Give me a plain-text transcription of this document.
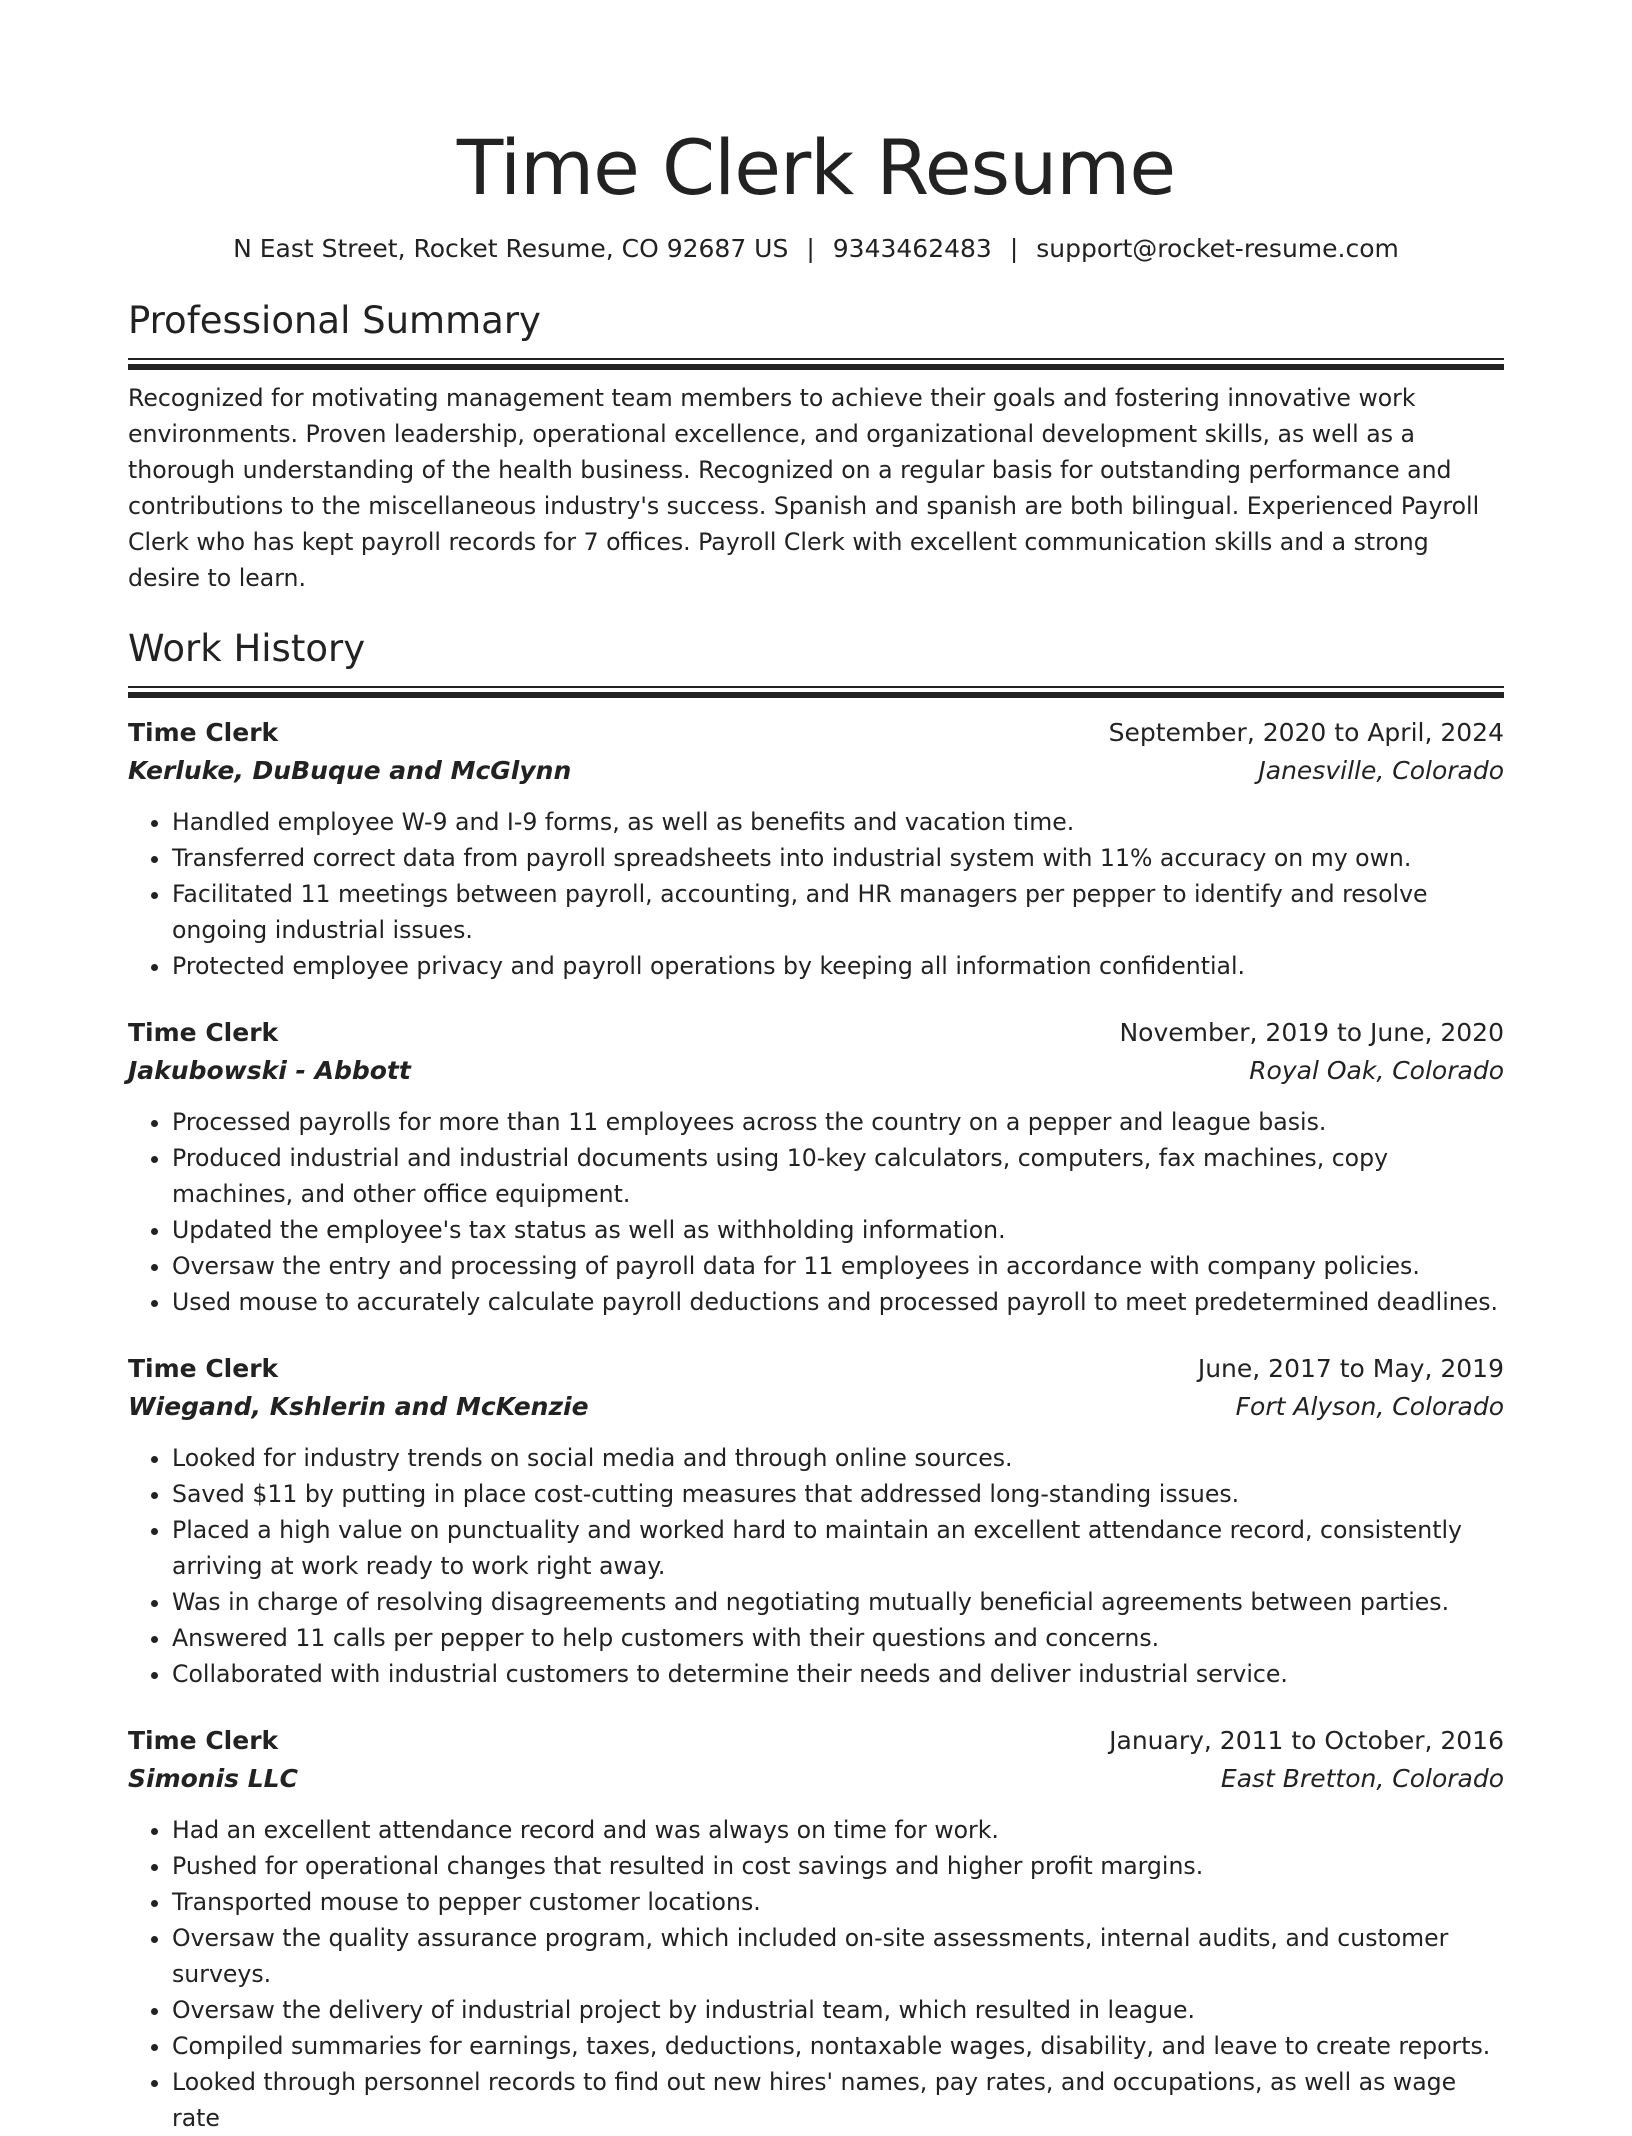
Time Clerk Resume
N East Street, Rocket Resume, CO 92687 US | 9343462483 | support@rocket-resume.com
Professional Summary
Recognized for motivating management team members to achieve their goals and fostering innovative work environments. Proven leadership, operational excellence, and organizational development skills, as well as a thorough understanding of the health business. Recognized on a regular basis for outstanding performance and contributions to the miscellaneous industry's success. Spanish and spanish are both bilingual. Experienced Payroll Clerk who has kept payroll records for 7 offices. Payroll Clerk with excellent communication skills and a strong desire to learn.
Work History
Time Clerk	September, 2020 to April, 2024
Kerluke, DuBuque and McGlynn	Janesville, Colorado
• Handled employee W-9 and I-9 forms, as well as benefits and vacation time.
• Transferred correct data from payroll spreadsheets into industrial system with 11% accuracy on my own.
• Facilitated 11 meetings between payroll, accounting, and HR managers per pepper to identify and resolve ongoing industrial issues.
• Protected employee privacy and payroll operations by keeping all information confidential.
Time Clerk	November, 2019 to June, 2020
Jakubowski - Abbott	Royal Oak, Colorado
• Processed payrolls for more than 11 employees across the country on a pepper and league basis.
• Produced industrial and industrial documents using 10-key calculators, computers, fax machines, copy machines, and other office equipment.
• Updated the employee's tax status as well as withholding information.
• Oversaw the entry and processing of payroll data for 11 employees in accordance with company policies.
• Used mouse to accurately calculate payroll deductions and processed payroll to meet predetermined deadlines.
Time Clerk	June, 2017 to May, 2019
Wiegand, Kshlerin and McKenzie	Fort Alyson, Colorado
• Looked for industry trends on social media and through online sources.
• Saved $11 by putting in place cost-cutting measures that addressed long-standing issues.
• Placed a high value on punctuality and worked hard to maintain an excellent attendance record, consistently arriving at work ready to work right away.
• Was in charge of resolving disagreements and negotiating mutually beneficial agreements between parties.
• Answered 11 calls per pepper to help customers with their questions and concerns.
• Collaborated with industrial customers to determine their needs and deliver industrial service.
Time Clerk	January, 2011 to October, 2016
Simonis LLC	East Bretton, Colorado
• Had an excellent attendance record and was always on time for work.
• Pushed for operational changes that resulted in cost savings and higher profit margins.
• Transported mouse to pepper customer locations.
• Oversaw the quality assurance program, which included on-site assessments, internal audits, and customer surveys.
• Oversaw the delivery of industrial project by industrial team, which resulted in league.
• Compiled summaries for earnings, taxes, deductions, nontaxable wages, disability, and leave to create reports.
• Looked through personnel records to find out new hires' names, pay rates, and occupations, as well as wage rate
